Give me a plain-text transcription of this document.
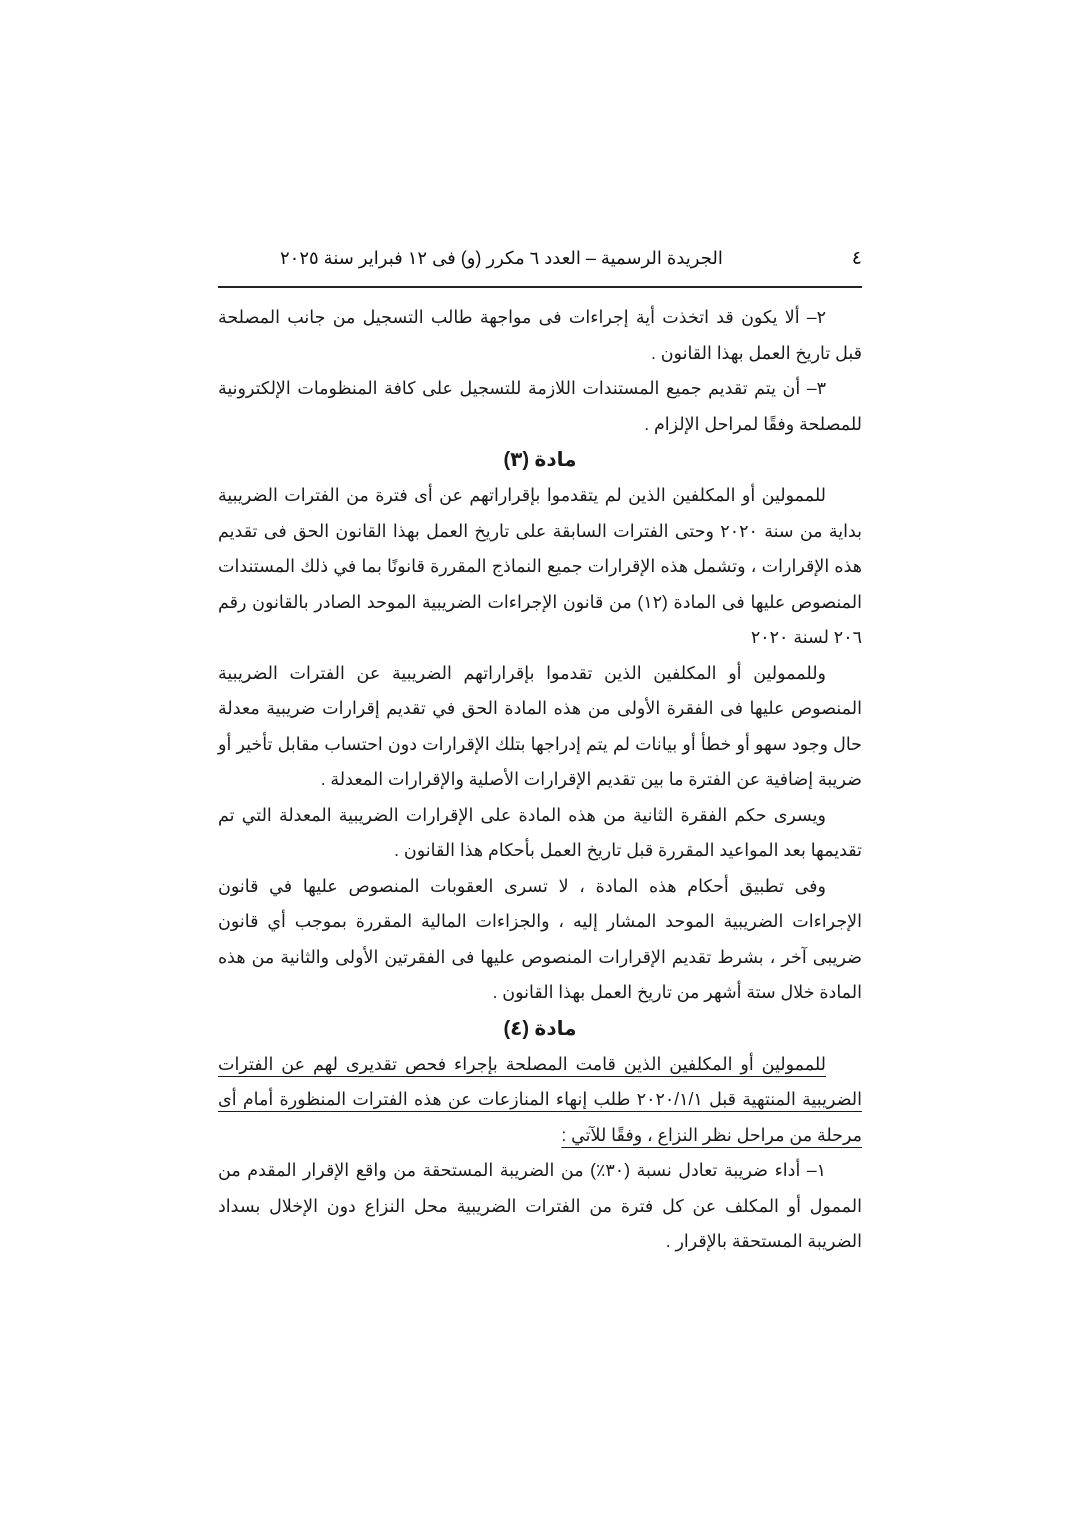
٤
الجريدة الرسمية – العدد ٦ مكرر (و) فى ١٢ فبراير سنة ٢٠٢٥

٢– ألا يكون قد اتخذت أية إجراءات فى مواجهة طالب التسجيل من جانب المصلحة قبل تاريخ العمل بهذا القانون .

٣– أن يتم تقديم جميع المستندات اللازمة للتسجيل على كافة المنظومات الإلكترونية للمصلحة وفقًا لمراحل الإلزام .

مادة (٣)

للممولين أو المكلفين الذين لم يتقدموا بإقراراتهم عن أى فترة من الفترات الضريبية بداية من سنة ٢٠٢٠ وحتى الفترات السابقة على تاريخ العمل بهذا القانون الحق فى تقديم هذه الإقرارات ، وتشمل هذه الإقرارات جميع النماذج المقررة قانونًا بما في ذلك المستندات المنصوص عليها فى المادة (١٢) من قانون الإجراءات الضريبية الموحد الصادر بالقانون رقم ٢٠٦ لسنة ٢٠٢٠

وللممولين أو المكلفين الذين تقدموا بإقراراتهم الضريبية عن الفترات الضريبية المنصوص عليها فى الفقرة الأولى من هذه المادة الحق في تقديم إقرارات ضريبية معدلة حال وجود سهو أو خطأ أو بيانات لم يتم إدراجها بتلك الإقرارات دون احتساب مقابل تأخير أو ضريبة إضافية عن الفترة ما بين تقديم الإقرارات الأصلية والإقرارات المعدلة .

ويسرى حكم الفقرة الثانية من هذه المادة على الإقرارات الضريبية المعدلة التي تم تقديمها بعد المواعيد المقررة قبل تاريخ العمل بأحكام هذا القانون .

وفى تطبيق أحكام هذه المادة ، لا تسرى العقوبات المنصوص عليها في قانون الإجراءات الضريبية الموحد المشار إليه ، والجزاءات المالية المقررة بموجب أي قانون ضريبى آخر ، بشرط تقديم الإقرارات المنصوص عليها فى الفقرتين الأولى والثانية من هذه المادة خلال ستة أشهر من تاريخ العمل بهذا القانون .

مادة (٤)

للممولين أو المكلفين الذين قامت المصلحة بإجراء فحص تقديرى لهم عن الفترات الضريبية المنتهية قبل ٢٠٢٠/١/١ طلب إنهاء المنازعات عن هذه الفترات المنظورة أمام أى مرحلة من مراحل نظر النزاع ، وفقًا للآتي :

١– أداء ضريبة تعادل نسبة (٣٠٪) من الضريبة المستحقة من واقع الإقرار المقدم من الممول أو المكلف عن كل فترة من الفترات الضريبية محل النزاع دون الإخلال بسداد الضريبة المستحقة بالإقرار .
